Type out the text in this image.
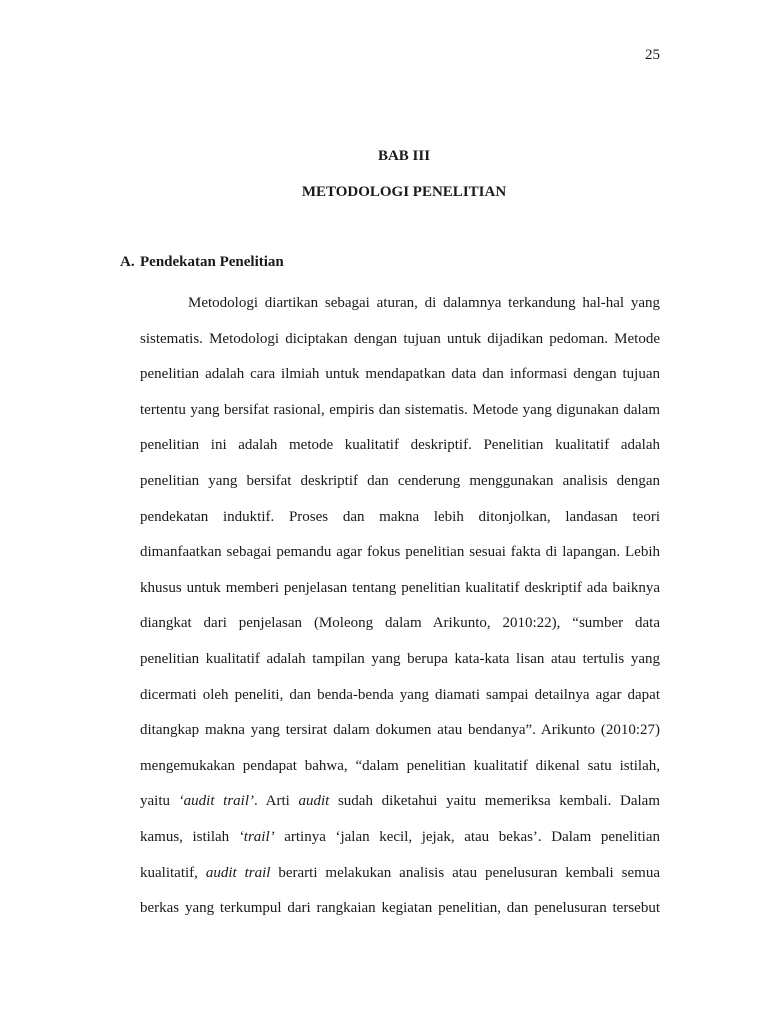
25
BAB III
METODOLOGI PENELITIAN
A. Pendekatan Penelitian
Metodologi diartikan sebagai aturan, di dalamnya terkandung hal-hal yang
sistematis. Metodologi diciptakan dengan tujuan untuk dijadikan pedoman. Metode
penelitian adalah cara ilmiah untuk mendapatkan data dan informasi dengan tujuan
tertentu yang bersifat rasional, empiris dan sistematis. Metode yang digunakan dalam
penelitian ini adalah metode kualitatif deskriptif. Penelitian kualitatif adalah
penelitian yang bersifat deskriptif dan cenderung menggunakan analisis dengan
pendekatan induktif. Proses dan makna lebih ditonjolkan, landasan teori
dimanfaatkan sebagai pemandu agar fokus penelitian sesuai fakta di lapangan. Lebih
khusus untuk memberi penjelasan tentang penelitian kualitatif deskriptif ada baiknya
diangkat dari penjelasan (Moleong dalam Arikunto, 2010:22), “sumber data
penelitian kualitatif adalah tampilan yang berupa kata-kata lisan atau tertulis yang
dicermati oleh peneliti, dan benda-benda yang diamati sampai detailnya agar dapat
ditangkap makna yang tersirat dalam dokumen atau bendanya”. Arikunto (2010:27)
mengemukakan pendapat bahwa, “dalam penelitian kualitatif dikenal satu istilah,
yaitu ‘audit trail’. Arti audit sudah diketahui yaitu memeriksa kembali. Dalam
kamus, istilah ‘trail’ artinya ‘jalan kecil, jejak, atau bekas’. Dalam penelitian
kualitatif, audit trail berarti melakukan analisis atau penelusuran kembali semua
berkas yang terkumpul dari rangkaian kegiatan penelitian, dan penelusuran tersebut
